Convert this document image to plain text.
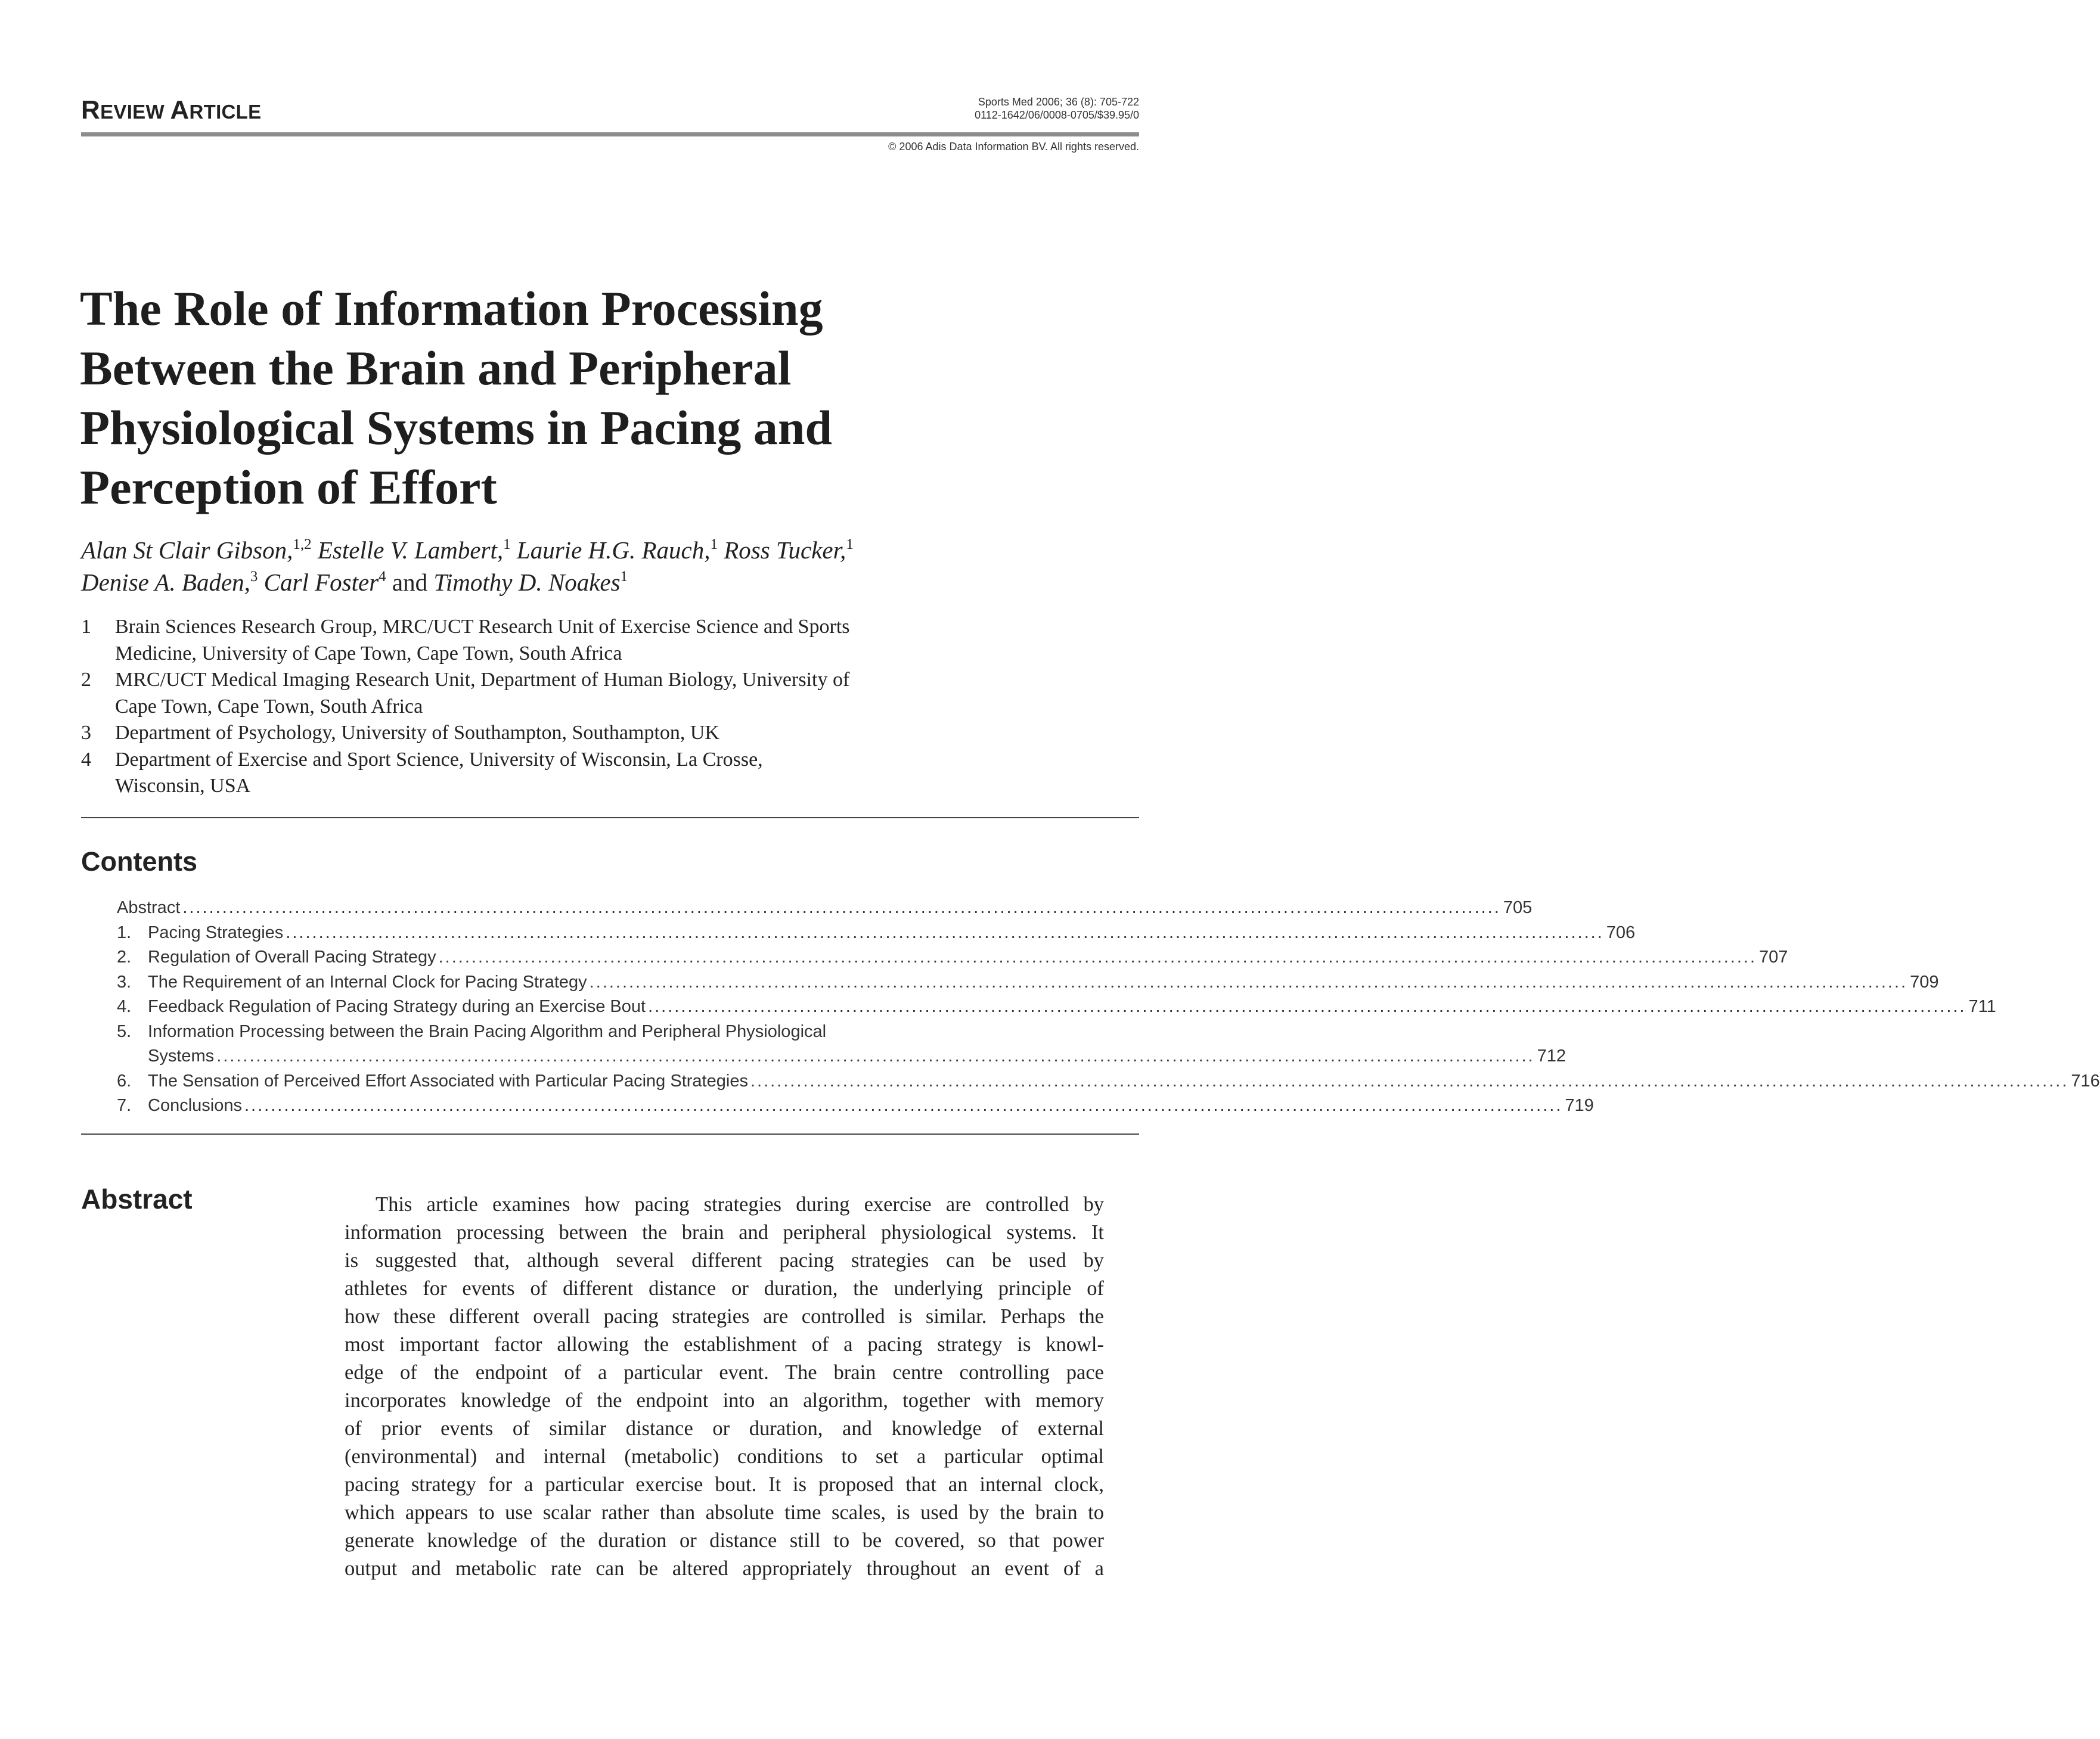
REVIEW ARTICLE	Sports Med 2006; 36 (8): 705-722
0112-1642/06/0008-0705/$39.95/0
© 2006 Adis Data Information BV. All rights reserved.
The Role of Information Processing
Between the Brain and Peripheral
Physiological Systems in Pacing and
Perception of Effort
Alan St Clair Gibson,$^{1,2}$ Estelle V. Lambert,$^1$ Laurie H.G. Rauch,$^1$ Ross Tucker,$^1$
Denise A. Baden,$^3$ Carl Foster$^4$ and Timothy D. Noakes$^1$
1 Brain Sciences Research Group, MRC/UCT Research Unit of Exercise Science and Sports
Medicine, University of Cape Town, Cape Town, South Africa
2 MRC/UCT Medical Imaging Research Unit, Department of Human Biology, University of
Cape Town, Cape Town, South Africa
3 Department of Psychology, University of Southampton, Southampton, UK
4 Department of Exercise and Sport Science, University of Wisconsin, La Crosse,
Wisconsin, USA
Contents
Abstract ........................................................................................................................................................................................................ 705
1. Pacing Strategies ........................................................................................................................................................................................................ 706
2. Regulation of Overall Pacing Strategy ........................................................................................................................................................................................................ 707
3. The Requirement of an Internal Clock for Pacing Strategy ........................................................................................................................................................................................................ 709
4. Feedback Regulation of Pacing Strategy during an Exercise Bout ........................................................................................................................................................................................................ 711
5. Information Processing between the Brain Pacing Algorithm and Peripheral Physiological
Systems ........................................................................................................................................................................................................ 712
6. The Sensation of Perceived Effort Associated with Particular Pacing Strategies ........................................................................................................................................................................................................ 716
7. Conclusions ........................................................................................................................................................................................................ 719
Abstract	This article examines how pacing strategies during exercise are controlled by
information processing between the brain and peripheral physiological systems. It
is suggested that, although several different pacing strategies can be used by
athletes for events of different distance or duration, the underlying principle of
how these different overall pacing strategies are controlled is similar. Perhaps the
most important factor allowing the establishment of a pacing strategy is knowl-
edge of the endpoint of a particular event. The brain centre controlling pace
incorporates knowledge of the endpoint into an algorithm, together with memory
of prior events of similar distance or duration, and knowledge of external
(environmental) and internal (metabolic) conditions to set a particular optimal
pacing strategy for a particular exercise bout. It is proposed that an internal clock,
which appears to use scalar rather than absolute time scales, is used by the brain to
generate knowledge of the duration or distance still to be covered, so that power
output and metabolic rate can be altered appropriately throughout an event of a
